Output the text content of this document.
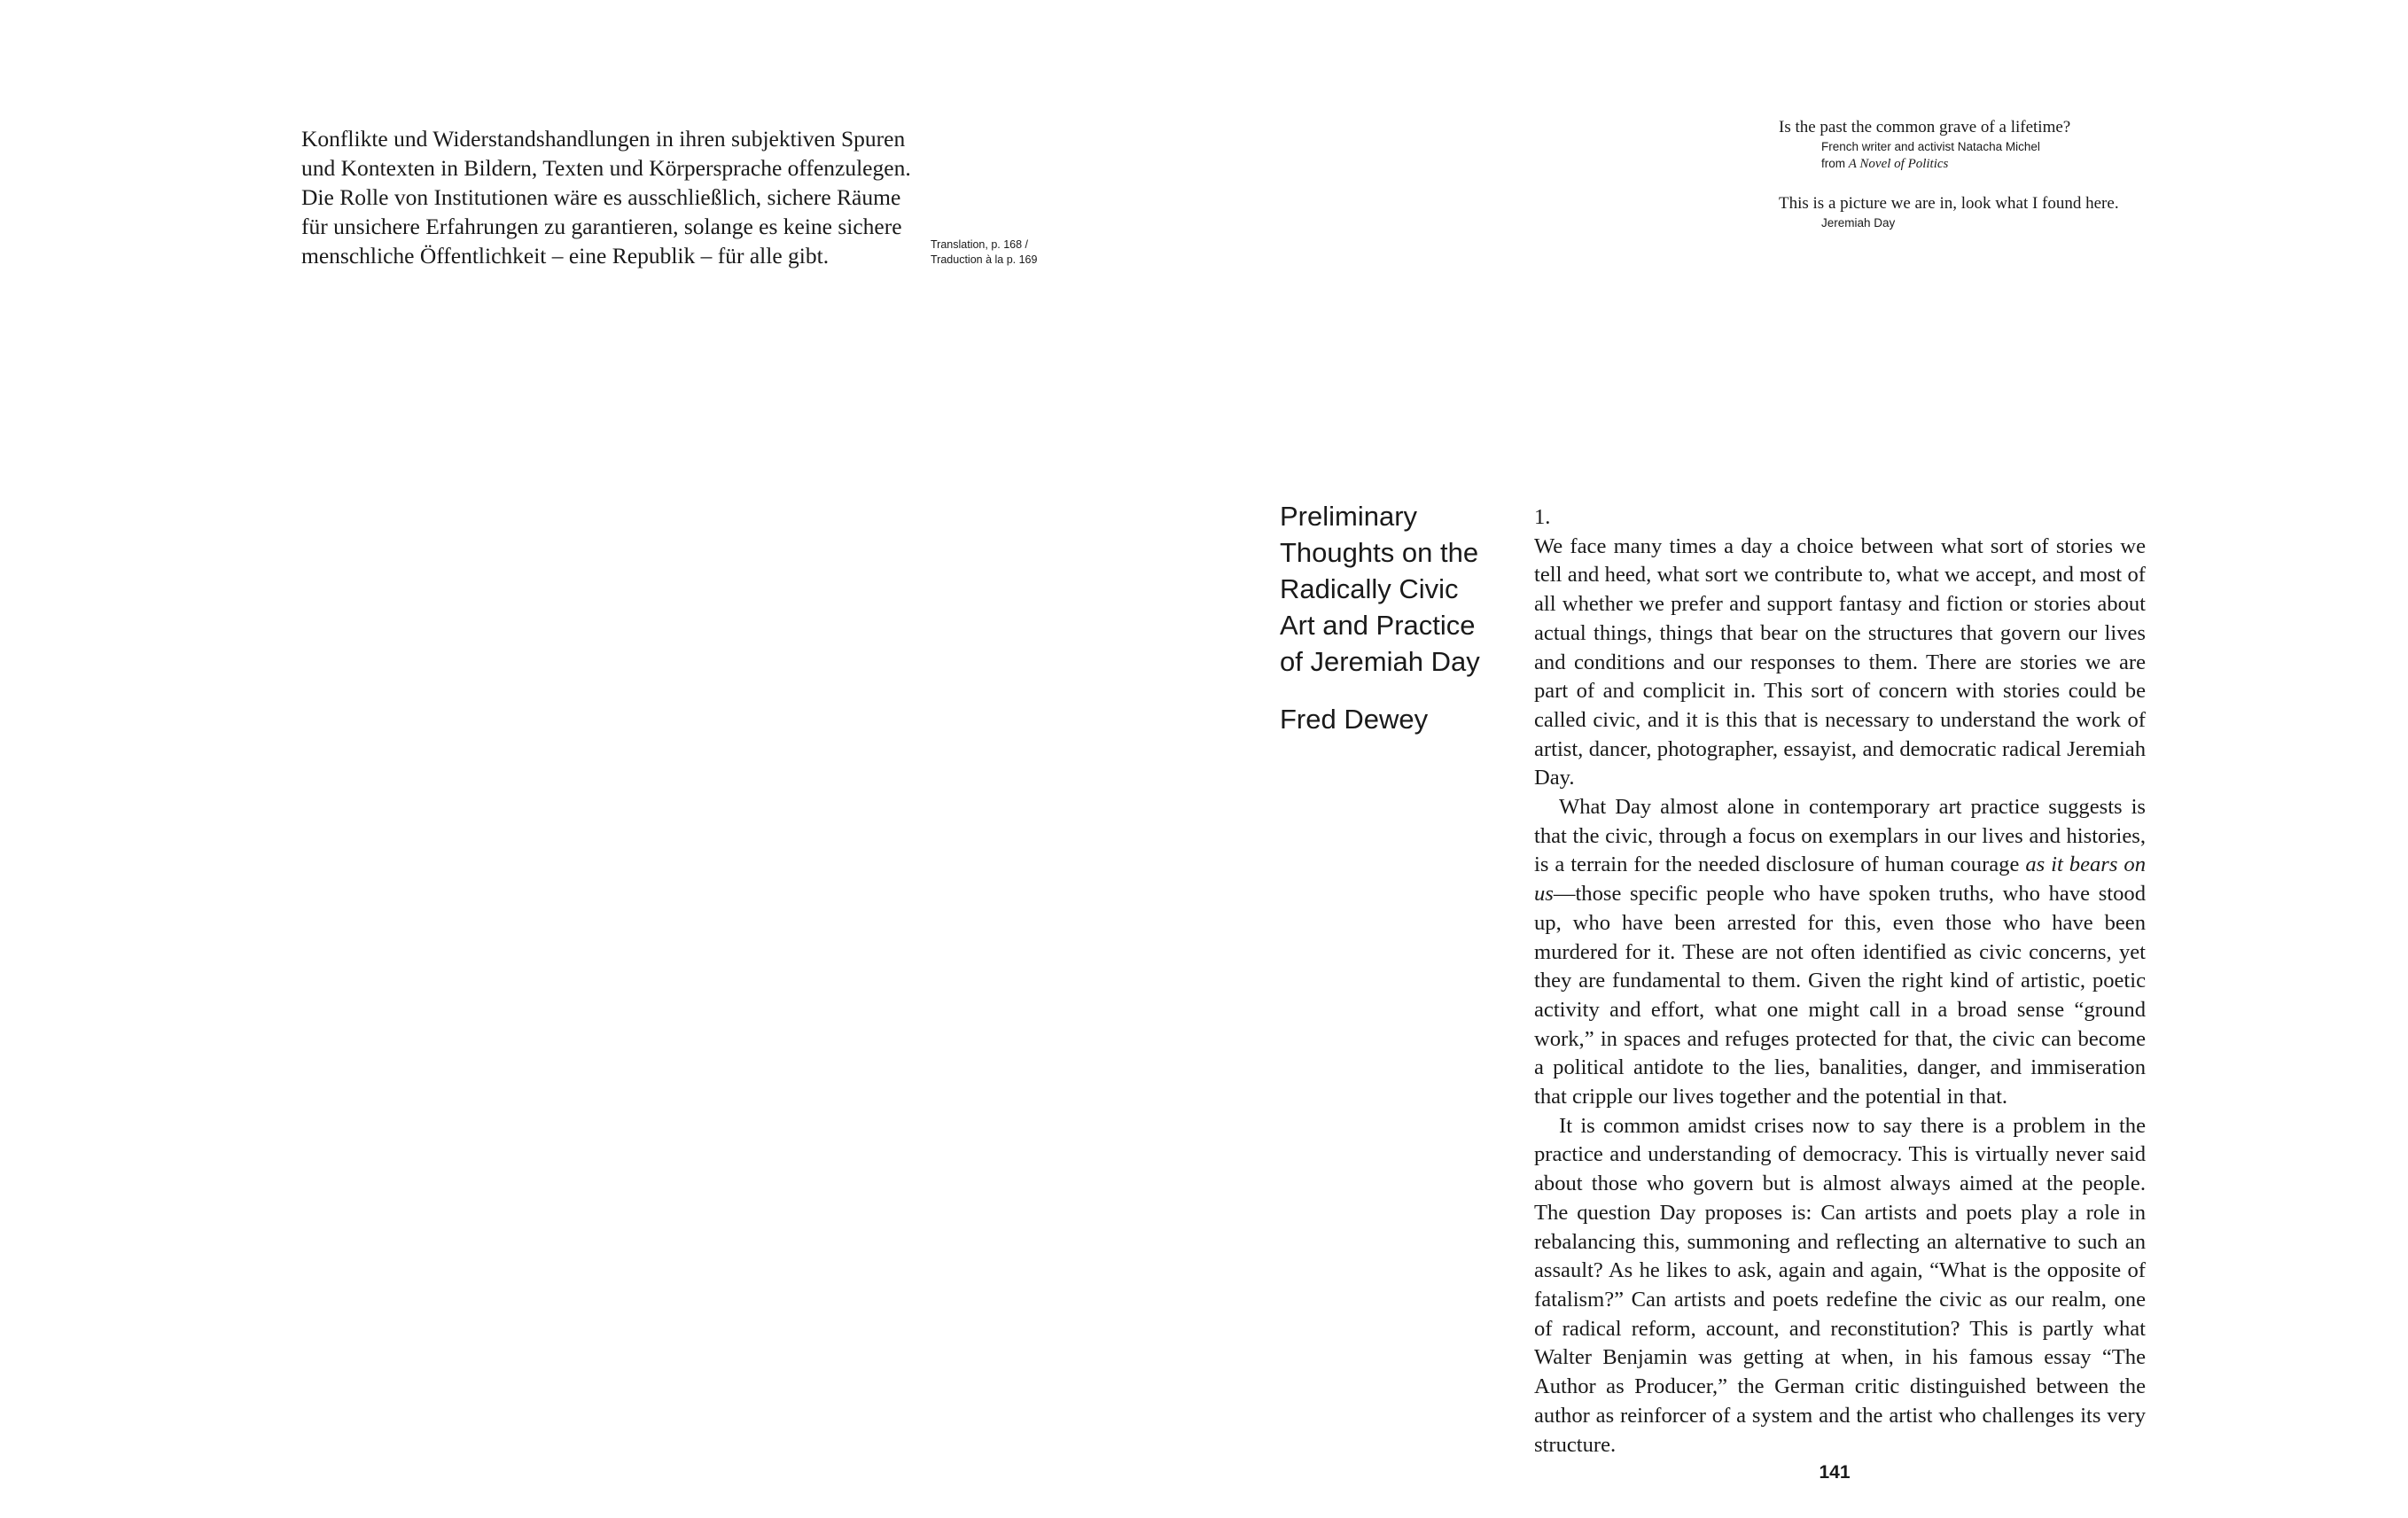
Konflikte und Widerstandshandlungen in ihren subjektiven Spuren
und Kontexten in Bildern, Texten und Körpersprache offenzulegen.
Die Rolle von Institutionen wäre es ausschließlich, sichere Räume
für unsichere Erfahrungen zu garantieren, solange es keine sichere
menschliche Öffentlichkeit – eine Republik – für alle gibt.	Translation, p. 168 /
Traduction à la p. 169

Is the past the common grave of a lifetime?

French writer and activist Natacha Michel

from A Novel of Politics

This is a picture we are in, look what I found here.

Jeremiah Day

Preliminary
Thoughts on the
Radically Civic
Art and Practice
of Jeremiah Day

Fred Dewey

1.

We face many times a day a choice between what sort of stories we tell and heed, what sort we contribute to, what we accept, and most of all whether we prefer and support fantasy and fiction or stories about actual things, things that bear on the structures that govern our lives and conditions and our responses to them. There are stories we are part of and complicit in. This sort of concern with stories could be called civic, and it is this that is necessary to understand the work of artist, dancer, photographer, essayist, and democratic radical Jeremiah Day.

What Day almost alone in contemporary art practice suggests is that the civic, through a focus on exemplars in our lives and histories, is a terrain for the needed disclosure of human courage as it bears on us—those specific people who have spoken truths, who have stood up, who have been arrested for this, even those who have been murdered for it. These are not often identified as civic concerns, yet they are fundamental to them. Given the right kind of artistic, poetic activity and effort, what one might call in a broad sense “ground work,” in spaces and refuges protected for that, the civic can become a political antidote to the lies, banalities, danger, and immiseration that cripple our lives together and the potential in that.

It is common amidst crises now to say there is a problem in the practice and understanding of democracy. This is virtually never said about those who govern but is almost always aimed at the people. The question Day proposes is: Can artists and poets play a role in rebalancing this, summoning and reflecting an alternative to such an assault? As he likes to ask, again and again, “What is the opposite of fatalism?” Can artists and poets redefine the civic as our realm, one of radical reform, account, and reconstitution? This is partly what Walter Benjamin was getting at when, in his famous essay “The Author as Producer,” the German critic distinguished between the author as reinforcer of a system and the artist who challenges its very structure.

141
